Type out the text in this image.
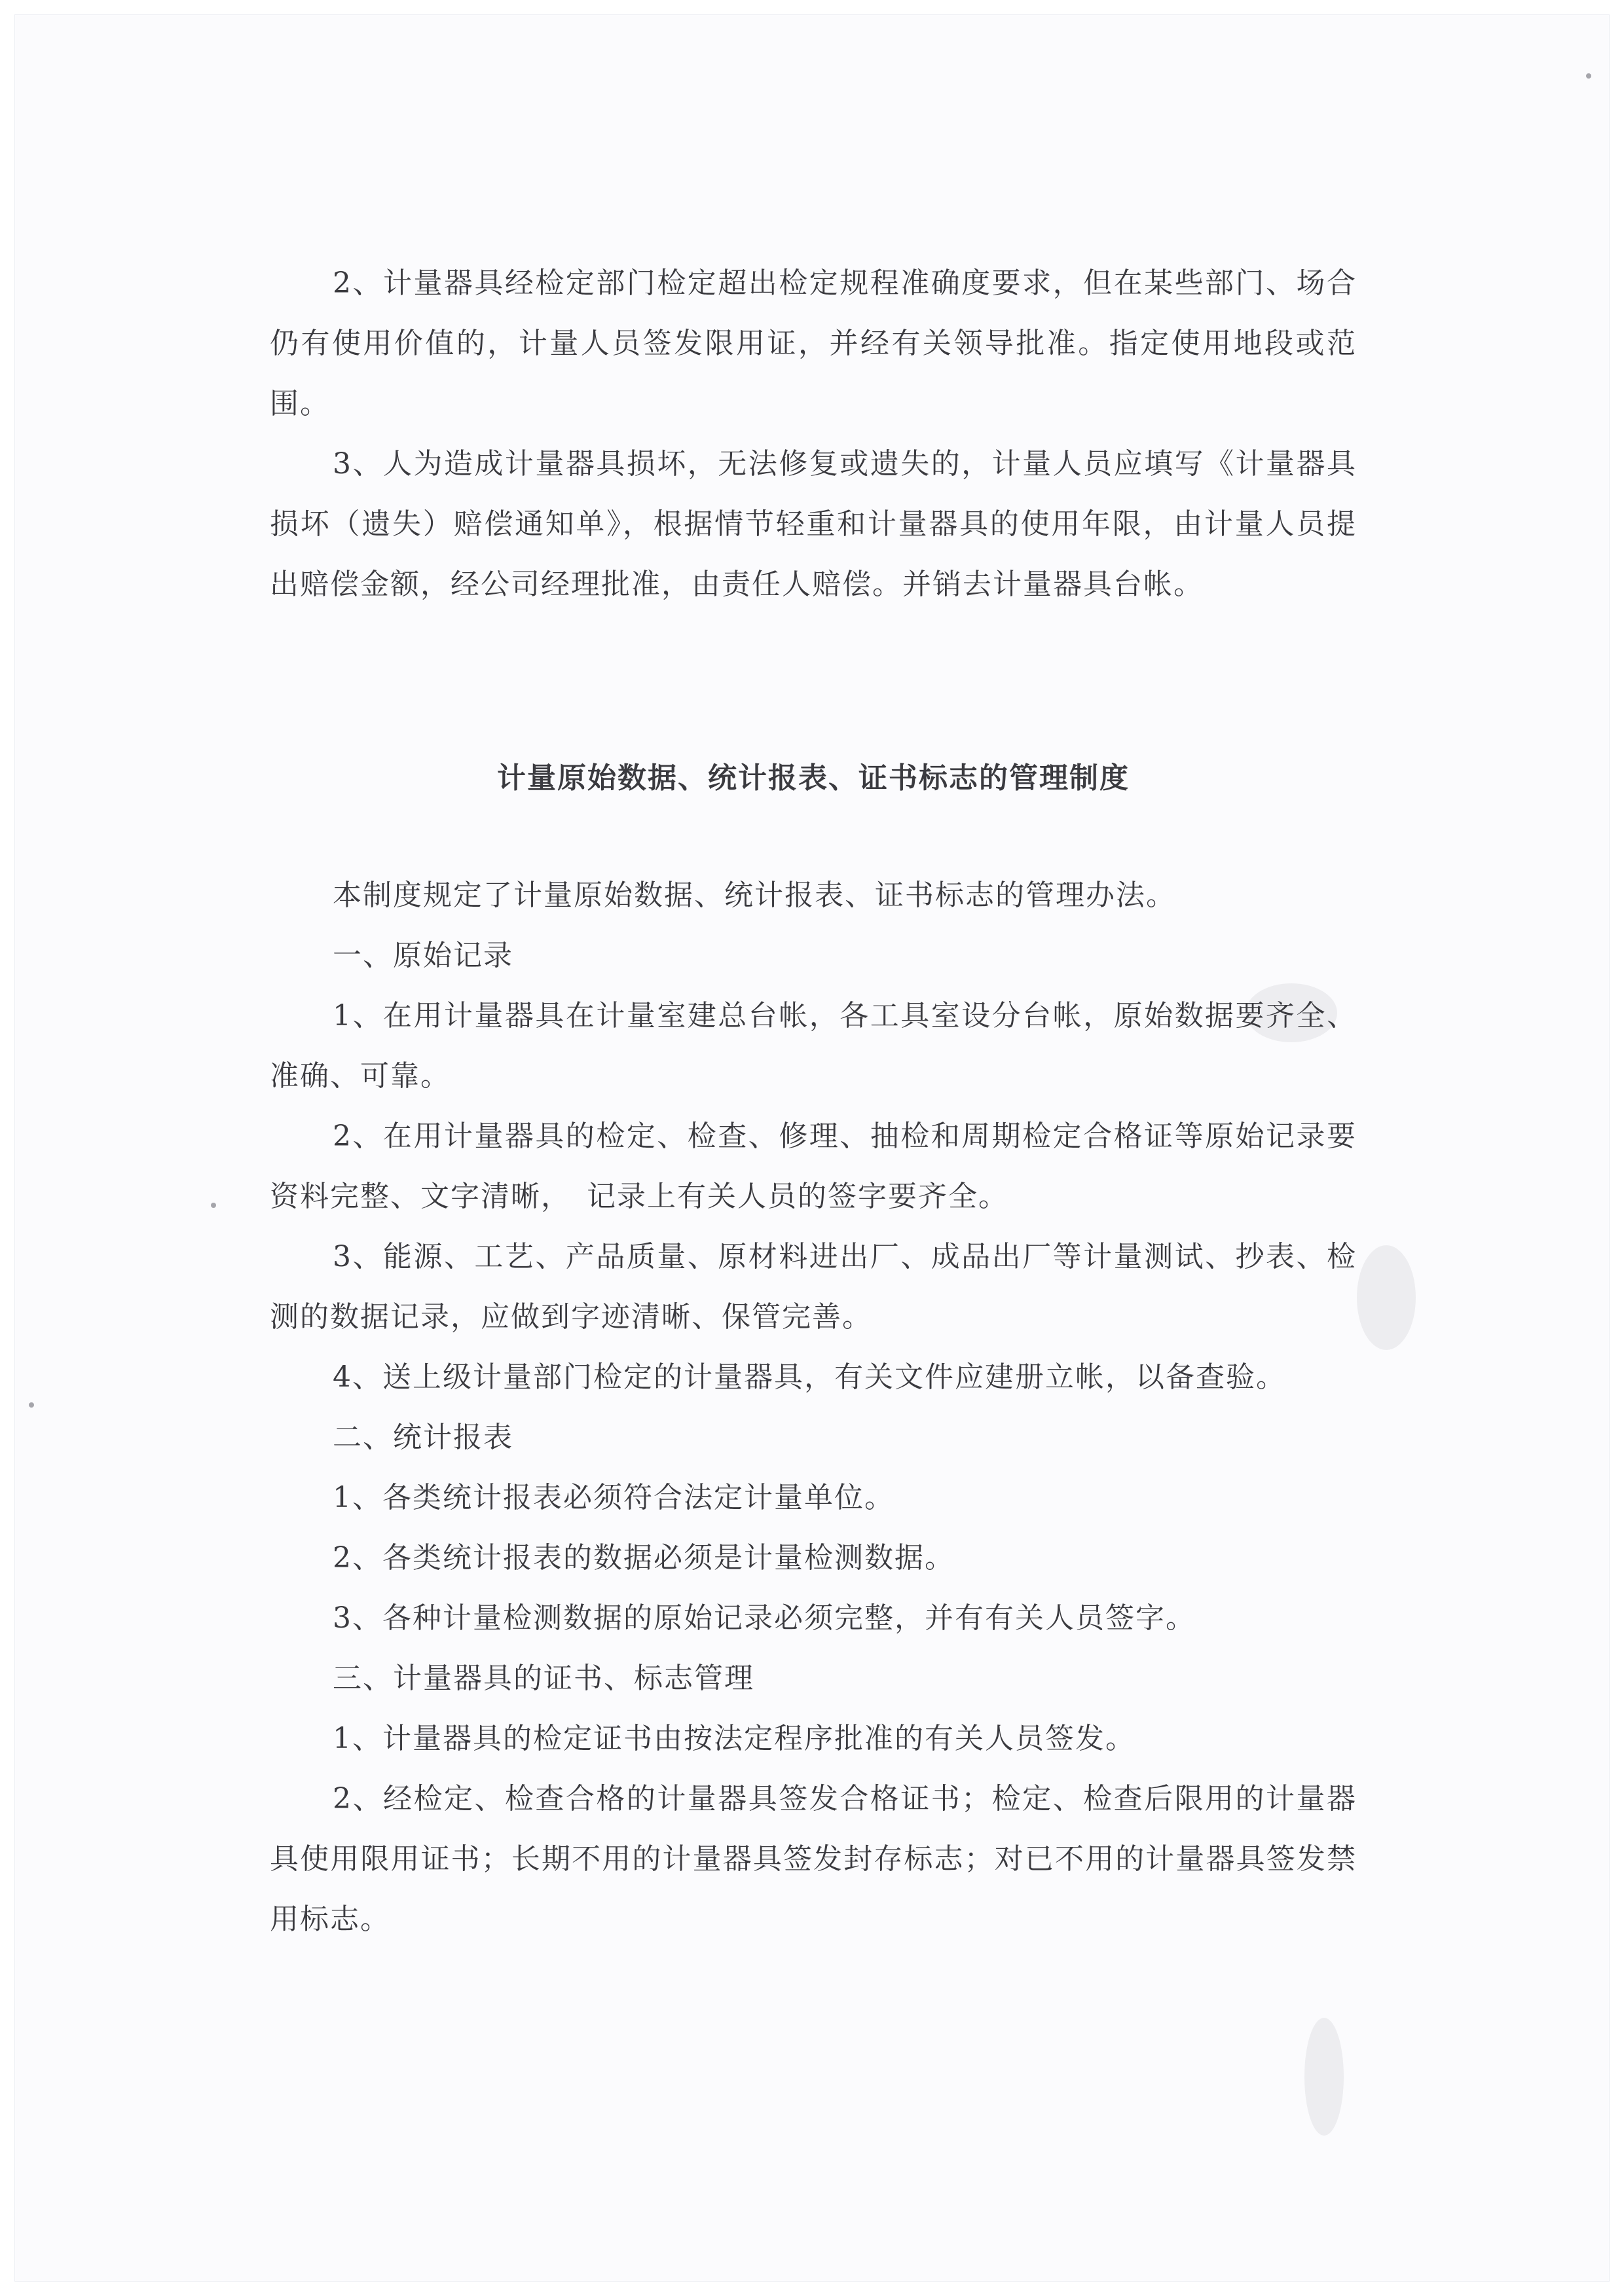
2、计量器具经检定部门检定超出检定规程准确度要求，但在某些部门、场合仍有使用价值的，计量人员签发限用证，并经有关领导批准。指定使用地段或范围。

3、人为造成计量器具损坏，无法修复或遗失的，计量人员应填写《计量器具损坏（遗失）赔偿通知单》，根据情节轻重和计量器具的使用年限，由计量人员提出赔偿金额，经公司经理批准，由责任人赔偿。并销去计量器具台帐。

计量原始数据、统计报表、证书标志的管理制度

本制度规定了计量原始数据、统计报表、证书标志的管理办法。

一、原始记录

1、在用计量器具在计量室建总台帐，各工具室设分台帐，原始数据要齐全、准确、可靠。

2、在用计量器具的检定、检查、修理、抽检和周期检定合格证等原始记录要资料完整、文字清晰，　记录上有关人员的签字要齐全。

3、能源、工艺、产品质量、原材料进出厂、成品出厂等计量测试、抄表、检测的数据记录，应做到字迹清晰、保管完善。

4、送上级计量部门检定的计量器具，有关文件应建册立帐，以备查验。

二、统计报表

1、各类统计报表必须符合法定计量单位。

2、各类统计报表的数据必须是计量检测数据。

3、各种计量检测数据的原始记录必须完整，并有有关人员签字。

三、计量器具的证书、标志管理

1、计量器具的检定证书由按法定程序批准的有关人员签发。

2、经检定、检查合格的计量器具签发合格证书；检定、检查后限用的计量器具使用限用证书；长期不用的计量器具签发封存标志；对已不用的计量器具签发禁用标志。
